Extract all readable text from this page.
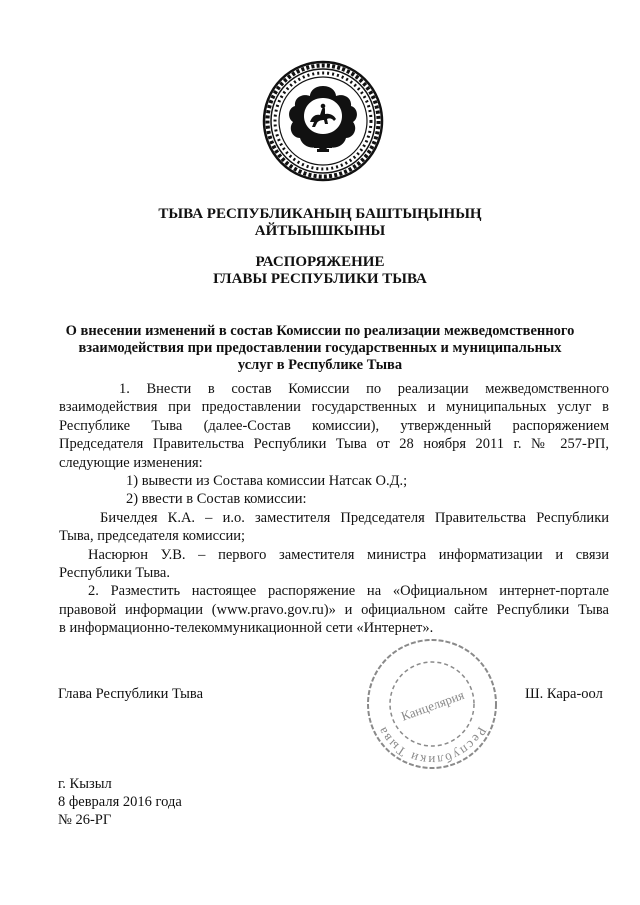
ТЫВА РЕСПУБЛИКАНЫҢ БАШТЫҢЫНЫҢ
АЙТЫЫШКЫНЫ
РАСПОРЯЖЕНИЕ
ГЛАВЫ РЕСПУБЛИКИ ТЫВА
О внесении изменений в состав Комиссии по реализации межведомственного
взаимодействия при предоставлении государственных и муниципальных
услуг в Республике Тыва
1. Внести в состав Комиссии по реализации межведомственного
взаимодействия при предоставлении государственных и муниципальных услуг в
Республике Тыва (далее-Состав комиссии), утвержденный распоряжением
Председателя Правительства Республики Тыва от 28 ноября 2011 г. № 257-РП,
следующие изменения:
1) вывести из Состава комиссии Натсак О.Д.;
2) ввести в Состав комиссии:
Бичелдея К.А. – и.о. заместителя Председателя Правительства Республики
Тыва, председателя комиссии;
Насюрюн У.В. – первого заместителя министра информатизации и связи
Республики Тыва.
2. Разместить настоящее распоряжение на «Официальном интернет-портале
правовой информации (www.pravo.gov.ru)» и официальном сайте Республики Тыва
в информационно-телекоммуникационной сети «Интернет».
Республики Тыва
Канцелярия
Глава Республики Тыва	Ш. Кара-оол
г. Кызыл
8 февраля 2016 года
№ 26-РГ
